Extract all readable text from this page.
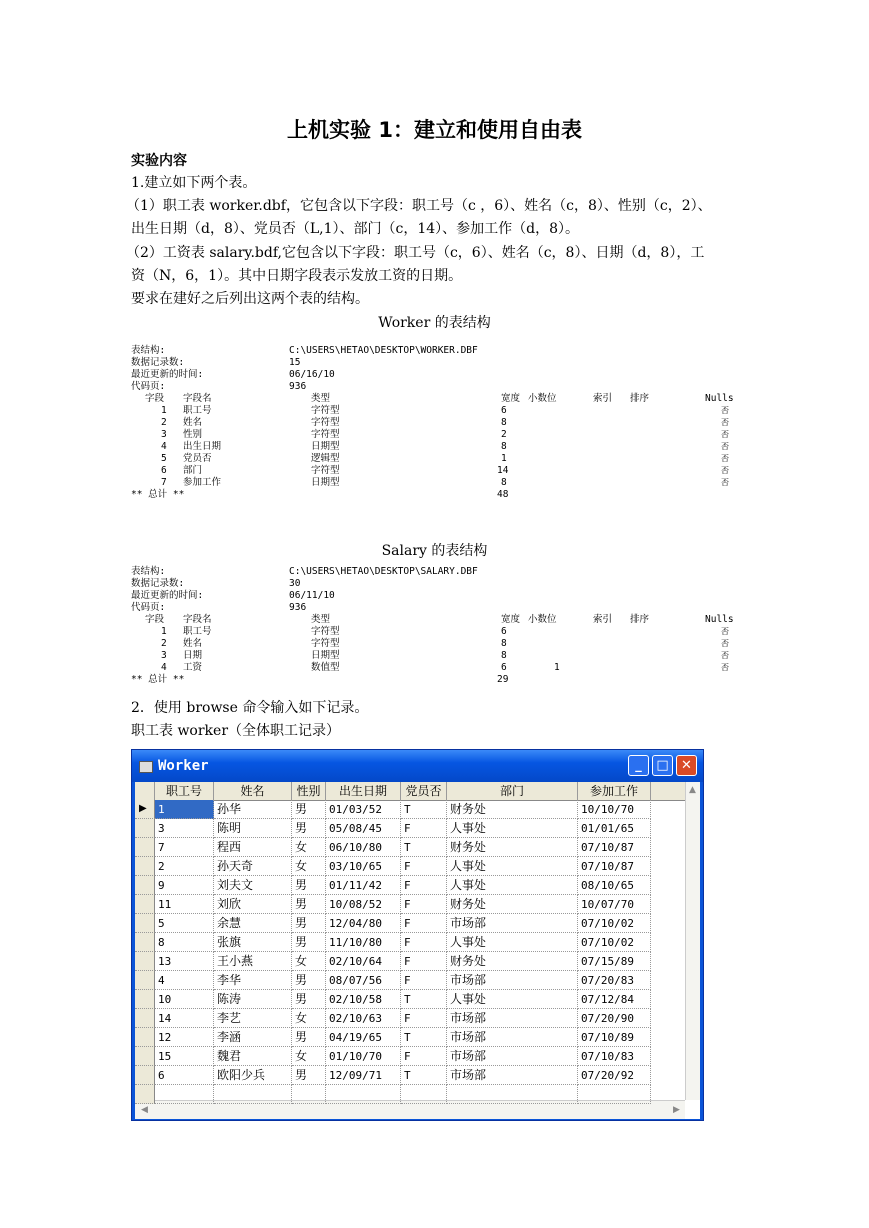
上机实验 1：建立和使用自由表
实验内容
1.建立如下两个表。
（1）职工表 worker.dbf，它包含以下字段：职工号（c ，6）、姓名（c，8）、性别（c，2）、
出生日期（d，8）、党员否（L,1）、部门（c，14）、参加工作（d，8）。
（2）工资表 salary.bdf,它包含以下字段：职工号（c，6）、姓名（c，8）、日期（d，8），工
资（N，6，1）。其中日期字段表示发放工资的日期。
要求在建好之后列出这两个表的结构。
Worker 的表结构
表结构:	C:\USERS\HETAO\DESKTOP\WORKER.DBF
数据记录数:	15
最近更新的时间:	06/16/10
代码页:	936
字段 字段名	类型	宽度 小数位	索引 排序	Nulls
1 职工号	字符型	6	否
2 姓名	字符型	8	否
3 性别	字符型	2	否
4 出生日期	日期型	8	否
5 党员否	逻辑型	1	否
6 部门	字符型	14	否
7 参加工作	日期型	8	否
** 总计 **	48
Salary 的表结构
表结构:	C:\USERS\HETAO\DESKTOP\SALARY.DBF
数据记录数:	30
最近更新的时间:	06/11/10
代码页:	936
字段 字段名	类型	宽度 小数位	索引 排序	Nulls
1 职工号	字符型	6	否
2 姓名	字符型	8	否
3 日期	日期型	8	否
4 工资	数值型	6	1	否
** 总计 **	29
2．使用 browse 命令输入如下记录。
职工表 worker（全体职工记录）
Worker	_	□ ✕
▲
◀	▶
职工号	姓名	性别	出生日期	党员否	部门	参加工作
▶ 1	孙华	男	01/03/52	T	财务处	10/10/70
3	陈明	男	05/08/45	F	人事处	01/01/65
7	程西	女	06/10/80	T	财务处	07/10/87
2	孙天奇	女	03/10/65	F	人事处	07/10/87
9	刘夫文	男	01/11/42	F	人事处	08/10/65
11	刘欣	男	10/08/52	F	财务处	10/07/70
5	余慧	男	12/04/80	F	市场部	07/10/02
8	张旗	男	11/10/80	F	人事处	07/10/02
13	王小燕	女	02/10/64	F	财务处	07/15/89
4	李华	男	08/07/56	F	市场部	07/20/83
10	陈涛	男	02/10/58	T	人事处	07/12/84
14	李艺	女	02/10/63	F	市场部	07/20/90
12	李涵	男	04/19/65	T	市场部	07/10/89
15	魏君	女	01/10/70	F	市场部	07/10/83
6	欧阳少兵	男	12/09/71	T	市场部	07/20/92
